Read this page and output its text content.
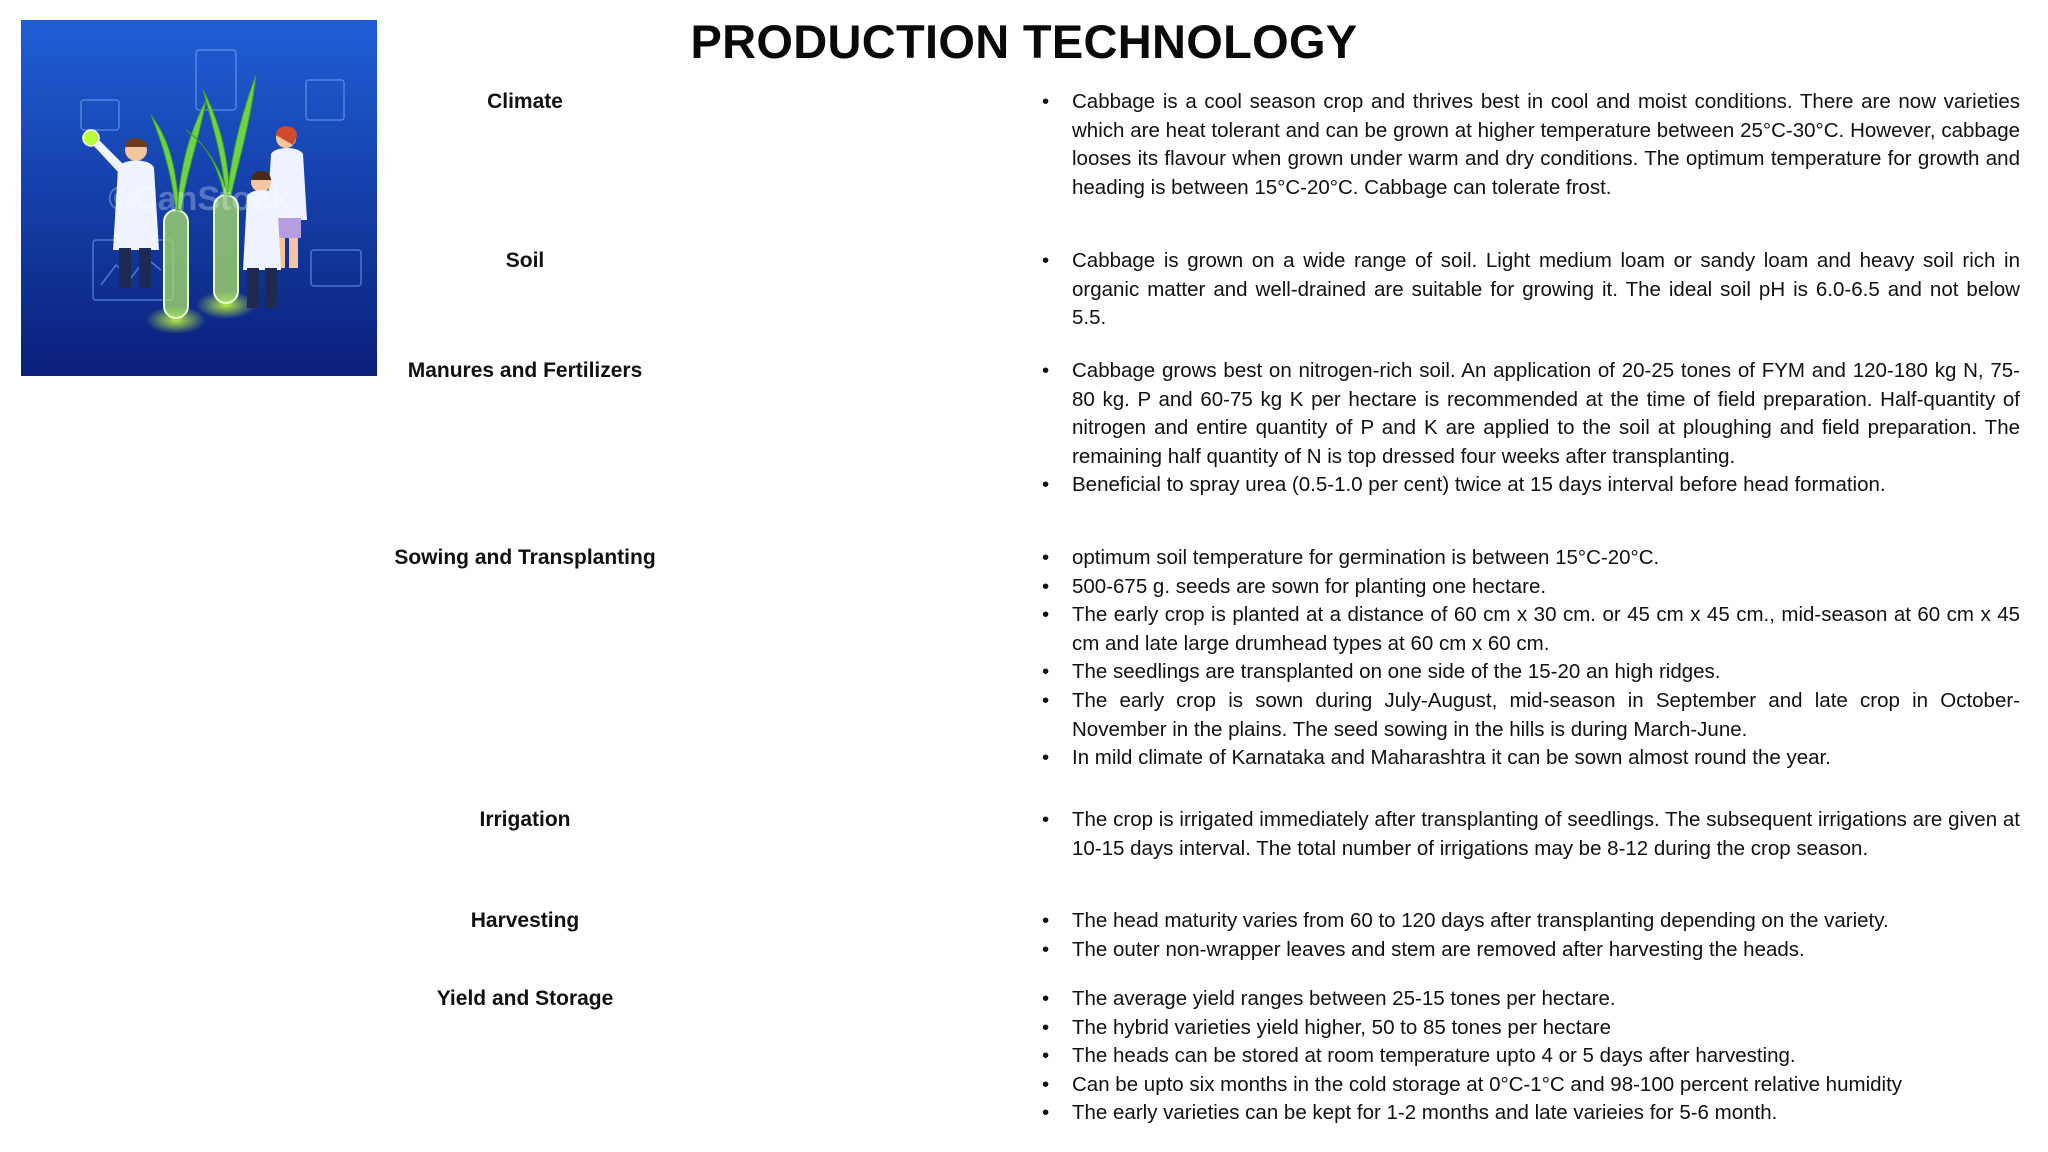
PRODUCTION TECHNOLOGY
©CanStock
Climate	• Cabbage is a cool season crop and thrives best in cool and moist conditions. There are now varieties which are heat tolerant and can be grown at higher temperature between 25°C-30°C. However, cabbage looses its flavour when grown under warm and dry conditions. The optimum temperature for growth and heading is between 15°C-20°C. Cabbage can tolerate frost.
Soil	• Cabbage is grown on a wide range of soil. Light medium loam or sandy loam and heavy soil rich in organic matter and well-drained are suitable for growing it. The ideal soil pH is 6.0-6.5 and not below 5.5.
Manures and Fertilizers	• Cabbage grows best on nitrogen-rich soil. An application of 20-25 tones of FYM and 120-180 kg N, 75-80 kg. P and 60-75 kg K per hectare is recommended at the time of field preparation. Half-quantity of nitrogen and entire quantity of P and K are applied to the soil at ploughing and field preparation. The remaining half quantity of N is top dressed four weeks after transplanting.
• Beneficial to spray urea (0.5-1.0 per cent) twice at 15 days interval before head formation.
Sowing and Transplanting	• optimum soil temperature for germination is between 15°C-20°C.
• 500-675 g. seeds are sown for planting one hectare.
• The early crop is planted at a distance of 60 cm x 30 cm. or 45 cm x 45 cm., mid-season at 60 cm x 45 cm and late large drumhead types at 60 cm x 60 cm.
• The seedlings are transplanted on one side of the 15-20 an high ridges.
• The early crop is sown during July-August, mid-season in September and late crop in October-November in the plains. The seed sowing in the hills is during March-June.
• In mild climate of Karnataka and Maharashtra it can be sown almost round the year.
Irrigation	• The crop is irrigated immediately after transplanting of seedlings. The subsequent irrigations are given at 10-15 days interval. The total number of irrigations may be 8-12 during the crop season.
Harvesting	• The head maturity varies from 60 to 120 days after transplanting depending on the variety.
• The outer non-wrapper leaves and stem are removed after harvesting the heads.
Yield and Storage	• The average yield ranges between 25-15 tones per hectare.
• The hybrid varieties yield higher, 50 to 85 tones per hectare
• The heads can be stored at room temperature upto 4 or 5 days after harvesting.
• Can be upto six months in the cold storage at 0°C-1°C and 98-100 percent relative humidity
• The early varieties can be kept for 1-2 months and late varieies for 5-6 month.
